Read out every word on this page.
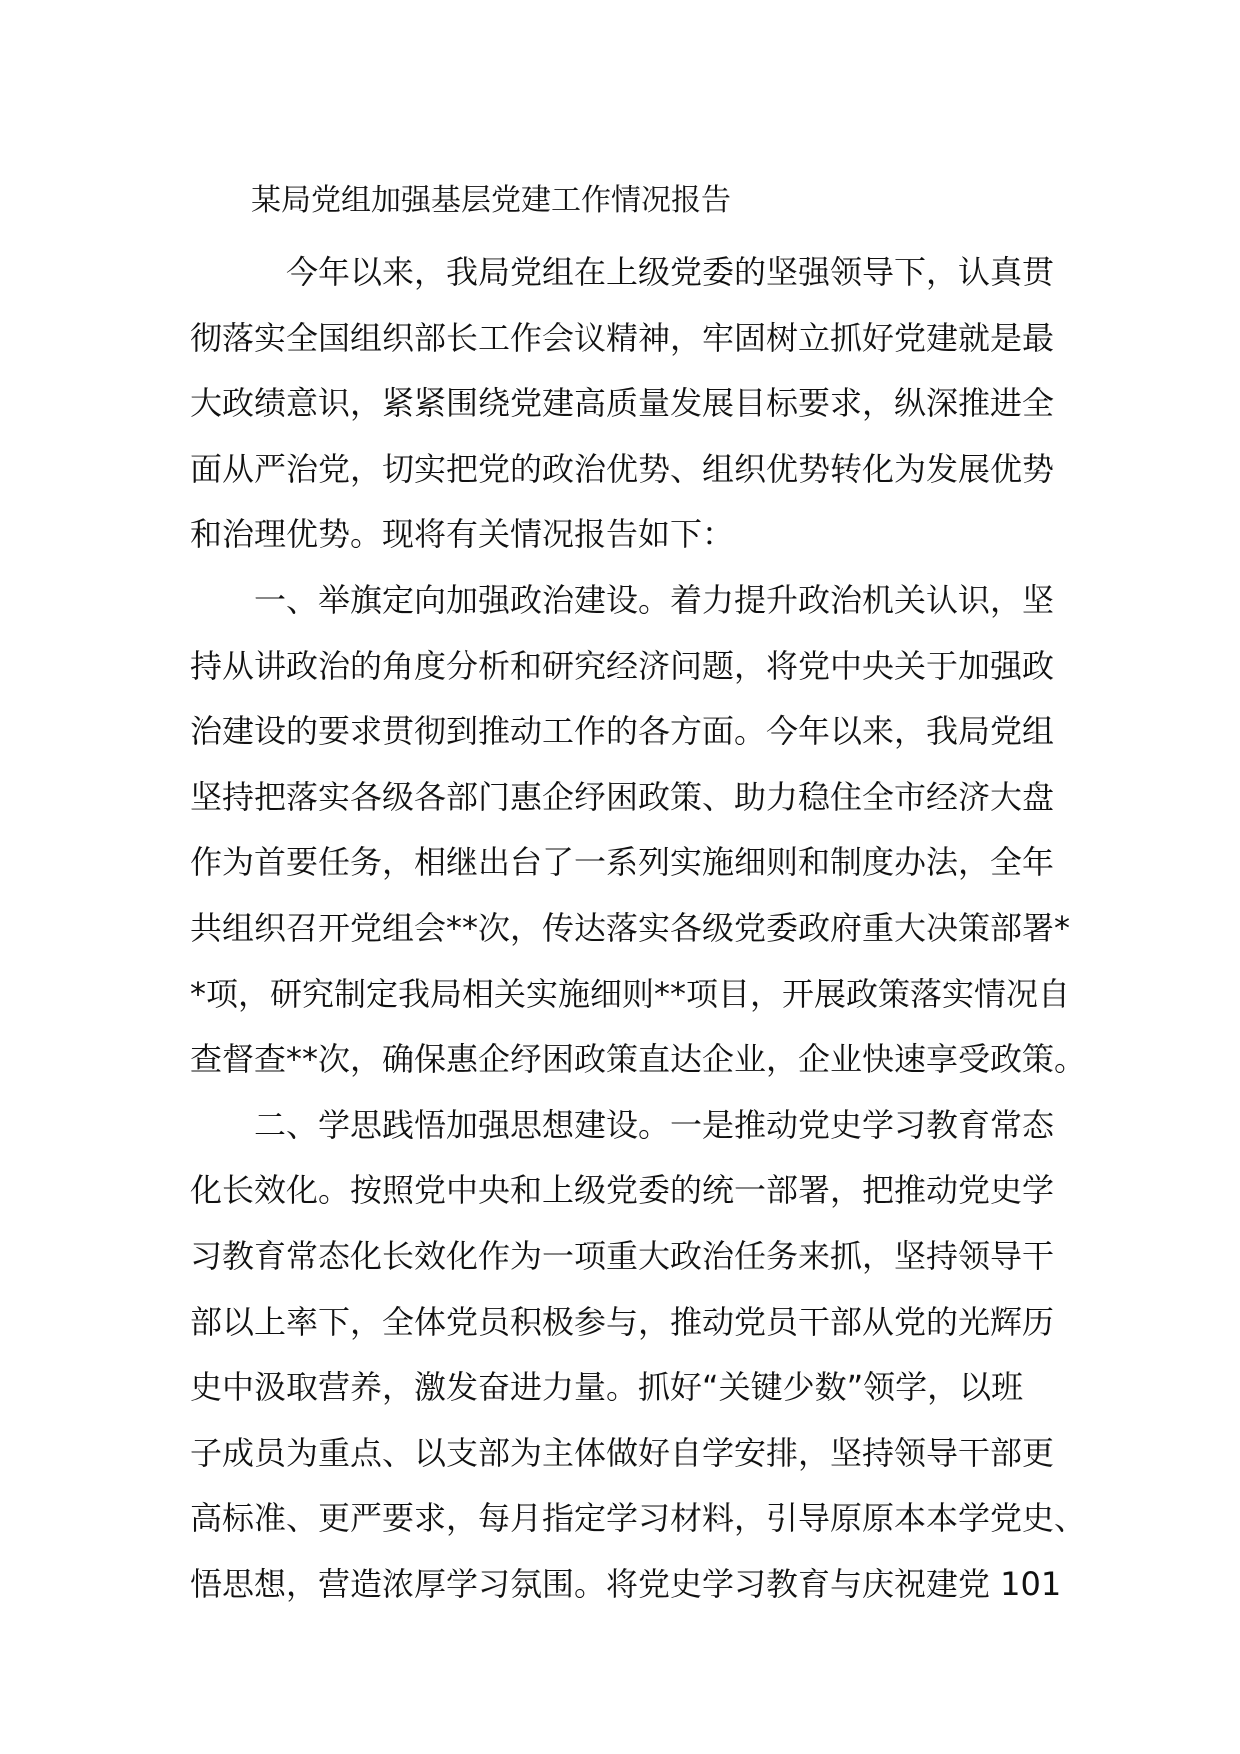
某局党组加强基层党建工作情况报告
今年以来，我局党组在上级党委的坚强领导下，认真贯
彻落实全国组织部长工作会议精神，牢固树立抓好党建就是最
大政绩意识，紧紧围绕党建高质量发展目标要求，纵深推进全
面从严治党，切实把党的政治优势、组织优势转化为发展优势
和治理优势。现将有关情况报告如下：
一、举旗定向加强政治建设。着力提升政治机关认识，坚
持从讲政治的角度分析和研究经济问题，将党中央关于加强政
治建设的要求贯彻到推动工作的各方面。今年以来，我局党组
坚持把落实各级各部门惠企纾困政策、助力稳住全市经济大盘
作为首要任务，相继出台了一系列实施细则和制度办法，全年
共组织召开党组会**次，传达落实各级党委政府重大决策部署*
*项，研究制定我局相关实施细则**项目，开展政策落实情况自
查督查**次，确保惠企纾困政策直达企业，企业快速享受政策。
二、学思践悟加强思想建设。一是推动党史学习教育常态
化长效化。按照党中央和上级党委的统一部署，把推动党史学
习教育常态化长效化作为一项重大政治任务来抓，坚持领导干
部以上率下，全体党员积极参与，推动党员干部从党的光辉历
史中汲取营养，激发奋进力量。抓好“关键少数”领学，以班
子成员为重点、以支部为主体做好自学安排，坚持领导干部更
高标准、更严要求，每月指定学习材料，引导原原本本学党史、
悟思想，营造浓厚学习氛围。将党史学习教育与庆祝建党 101
